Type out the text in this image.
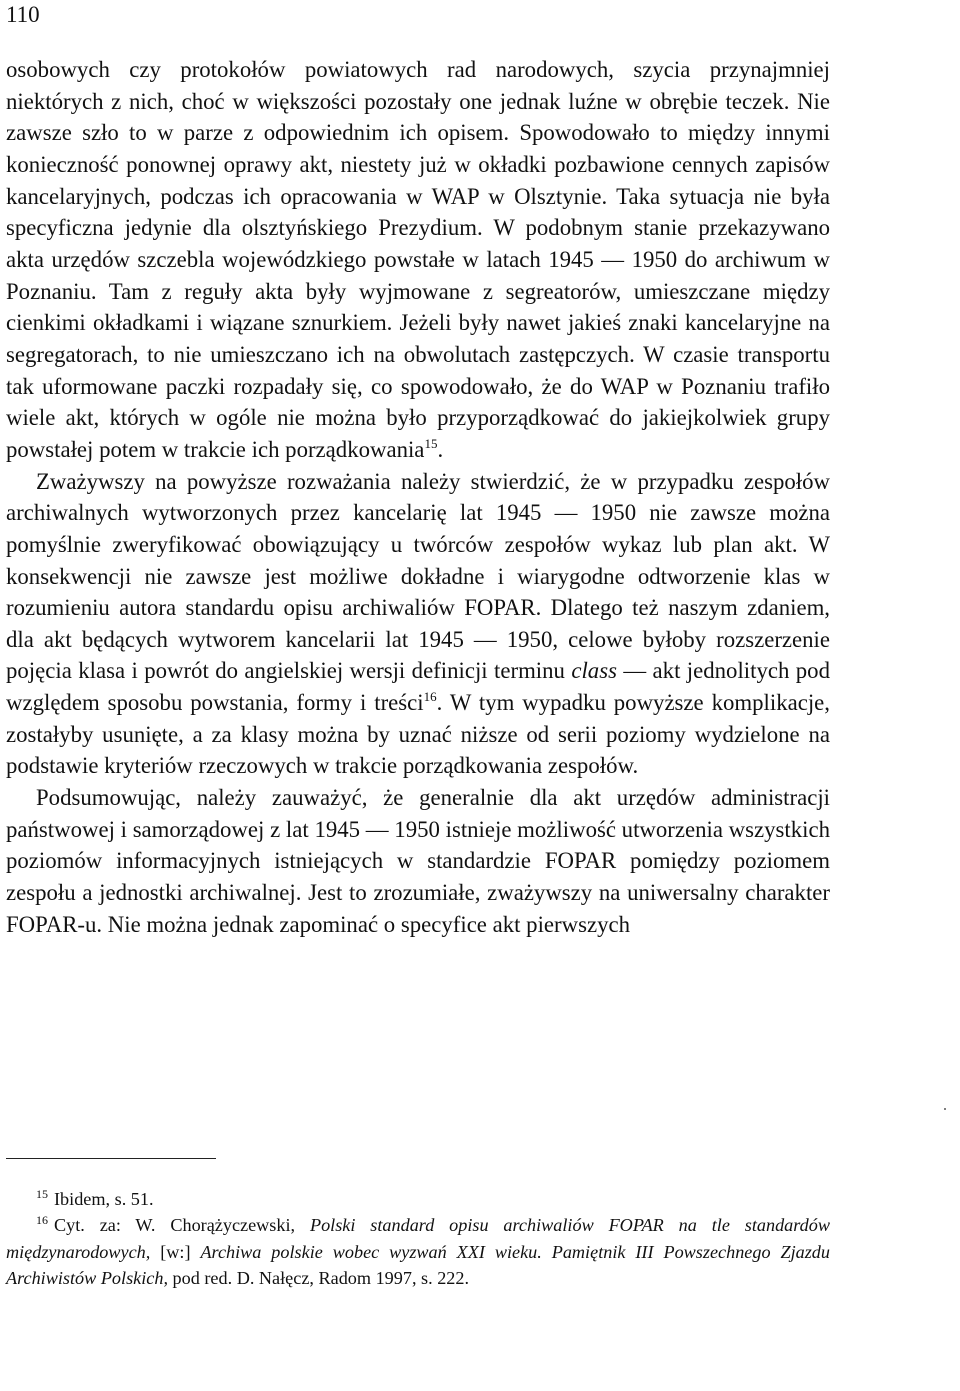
110

osobowych czy protokołów powiatowych rad narodowych, szycia przynajmniej niektórych z nich, choć w większości pozostały one jednak luźne w obrębie teczek. Nie zawsze szło to w parze z odpowiednim ich opisem. Spowodowało to między innymi konieczność ponownej oprawy akt, niestety już w okładki pozbawione cennych zapisów kancelaryjnych, podczas ich opracowania w WAP w Olsztynie. Taka sytuacja nie była specyficzna jedynie dla olsztyńskiego Prezydium. W podobnym stanie przekazywano akta urzędów szczebla wojewódzkiego powstałe w latach 1945 — 1950 do archiwum w Poznaniu. Tam z reguły akta były wyjmowane z segreatorów, umieszczane między cienkimi okładkami i wiązane sznurkiem. Jeżeli były nawet jakieś znaki kancelaryjne na segregatorach, to nie umieszczano ich na obwolutach zastępczych. W czasie transportu tak uformowane paczki rozpadały się, co spowodowało, że do WAP w Poznaniu trafiło wiele akt, których w ogóle nie można było przyporządkować do jakiejkolwiek grupy powstałej potem w trakcie ich porządkowania$^{15}$.

Zważywszy na powyższe rozważania należy stwierdzić, że w przypadku zespołów archiwalnych wytworzonych przez kancelarię lat 1945 — 1950 nie zawsze można pomyślnie zweryfikować obowiązujący u twórców zespołów wykaz lub plan akt. W konsekwencji nie zawsze jest możliwe dokładne i wiarygodne odtworzenie klas w rozumieniu autora standardu opisu archiwaliów FOPAR. Dlatego też naszym zdaniem, dla akt będących wytworem kancelarii lat 1945 — 1950, celowe byłoby rozszerzenie pojęcia klasa i powrót do angielskiej wersji definicji terminu class — akt jednolitych pod względem sposobu powstania, formy i treści$^{16}$. W tym wypadku powyższe komplikacje, zostałyby usunięte, a za klasy można by uznać niższe od serii poziomy wydzielone na podstawie kryteriów rzeczowych w trakcie porządkowania zespołów.

Podsumowując, należy zauważyć, że generalnie dla akt urzędów administracji państwowej i samorządowej z lat 1945 — 1950 istnieje możliwość utworzenia wszystkich poziomów informacyjnych istniejących w standardzie FOPAR pomiędzy poziomem zespołu a jednostki archiwalnej. Jest to zrozumiałe, zważywszy na uniwersalny charakter FOPAR-u. Nie można jednak zapominać o specyfice akt pierwszych

$^{15}$ Ibidem, s. 51.

$^{16}$ Cyt. za: W. Chorążyczewski, Polski standard opisu archiwaliów FOPAR na tle standardów międzynarodowych, [w:] Archiwa polskie wobec wyzwań XXI wieku. Pamiętnik III Powszechnego Zjazdu Archiwistów Polskich, pod red. D. Nałęcz, Radom 1997, s. 222.
